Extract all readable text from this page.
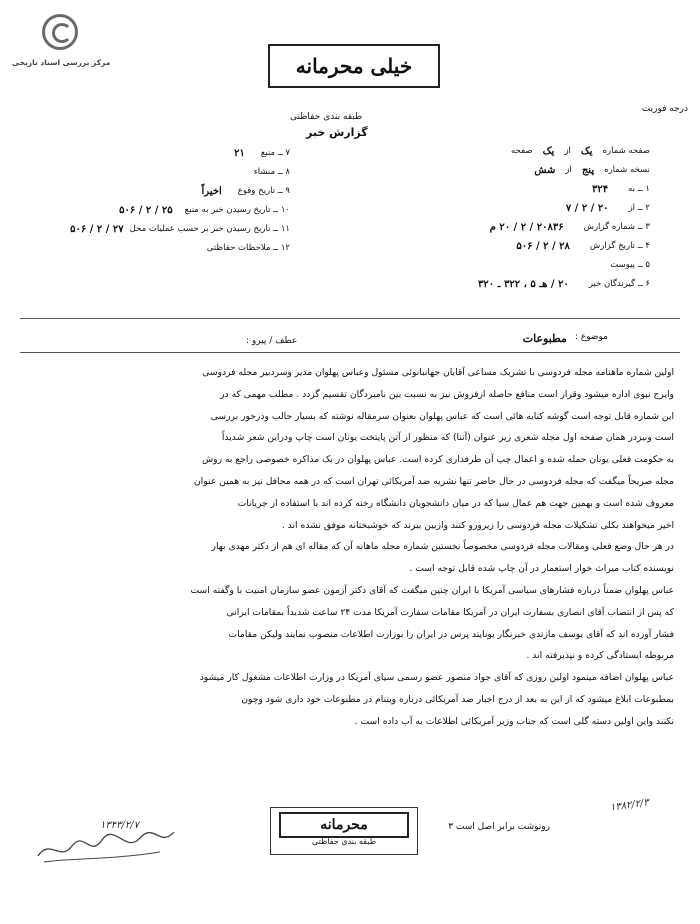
مرکز بررسی اسناد تاریخی	خیلی محرمانه
درجه فوریت
طبقه بندی حفاظتی
گزارش خبر
صفحه شماره
یک
از
یک
صفحه
نسخه شماره
پنج
از
شش
۱ ــ به
۳۲۴
۲ ــ از
۲۰ / ۲ / ۷
۳ ــ شماره گزارش
۲۰۸۳۶ / ۲ / ۲۰ م
۴ ــ تاریخ گزارش
۲۸ / ۲ / ۵۰۶
۵ ــ پیوست
۶ ــ گیرندگان خبر
۲۰ / هـ ۵ ، ۳۲۲ ـ ۳۲۰
۷ ــ منبع
۲۱
۸ ــ منشاء
۹ ــ تاریخ وقوع
اخیراً
۱۰ ــ تاریخ رسیدن خبر به منبع
۲۵ / ۲ / ۵۰۶
۱۱ ــ تاریخ رسیدن خبر بر حسب عملیات محل
۲۷ / ۲ / ۵۰۶
۱۲ ــ ملاحظات حفاظتی
موضوع :
مطبوعات
عطف / پیرو :
اولین شماره ماهنامه مجله فردوسی با تشریک مساعی آقایان جهانبانوئی مسئول وعباس پهلوان مدیر وسردبیر مجله فردوسی
وایرج نبوی اداره میشود وقرار است منافع حاصله ازفروش نیز به نسبت بین نامبردگان تقسیم گردد . مطلب مهمی که در
این شماره قابل توجه است گوشه کنایه هائی است که عباس پهلوان بعنوان سرمقاله نوشته که بسیار جالب ودرخور بررسی
است ونیزدر همان صفحه اول مجله شعری زیر عنوان (آتنا) که منظور از آتن پایتخت یونان است چاپ ودراین شعر شدیداً
به حکومت فعلی یونان حمله شده و اعمال چپ آن طرفداری کرده است. عباس پهلوان در یک مذاکره خصوصی راجع به روش
مجله صریحاً میگفت که مجله فردوسی در حال حاضر تنها نشریه ضد آمریکائی تهران است که در همه محافل نیز به همین عنوان
معروف شده است و بهمین جهت هم عمال سیا که در میان دانشجویان دانشگاه رخنه کرده اند با استفاده از جریانات
اخیر میخواهند بکلی تشکیلات مجله فردوسی را زیرورو کنند وازبین ببرند که خوشبختانه موفق نشده اند .
در هر حال وضع فعلی ومقالات مجله فردوسی مخصوصاً نخستین شماره مجله ماهانه آن که مقاله ای هم از دکتر مهدی بهار
نویسنده کتاب میراث خوار استعمار در آن چاپ شده قابل توجه است .
عباس پهلوان ضمناً درباره فشارهای سیاسی آمریکا با ایران چنین میگفت که آقای دکتر آزمون عضو سازمان امنیت با وگفته است
که پس از انتصاب آقای انصاری بسفارت ایران در آمریکا مقامات سفارت آمریکا مدت ۲۴ ساعت شدیداً بمقامات ایرانی
فشار آورده اند که آقای یوسف مازندی خبرنگار یونایتد پرس در ایران را بوزارت اطلاعات منصوب نمایند ولیکن مقامات
مربوطه ایستادگی کرده و نپذیرفته اند .
عباس پهلوان اضافه مینمود اولین روزی که آقای جواد منصور عضو رسمی سیای آمریکا در وزارت اطلاعات مشغول کار میشود
بمطبوعات ابلاغ میشود که از این به بعد از درج اخبار ضد آمریکائی درباره ویتنام در مطبوعات خود داری شود وچون
نکنند واین اولین دسته گلی است که جناب وزیر آمریکائی اطلاعات به آب داده است .
رونوشت برابر اصل است ۳
محرمانه
طبقه بندی حفاظتی
۱۳۸۲/۲/۳
۱۳۴۳/۲/۷
